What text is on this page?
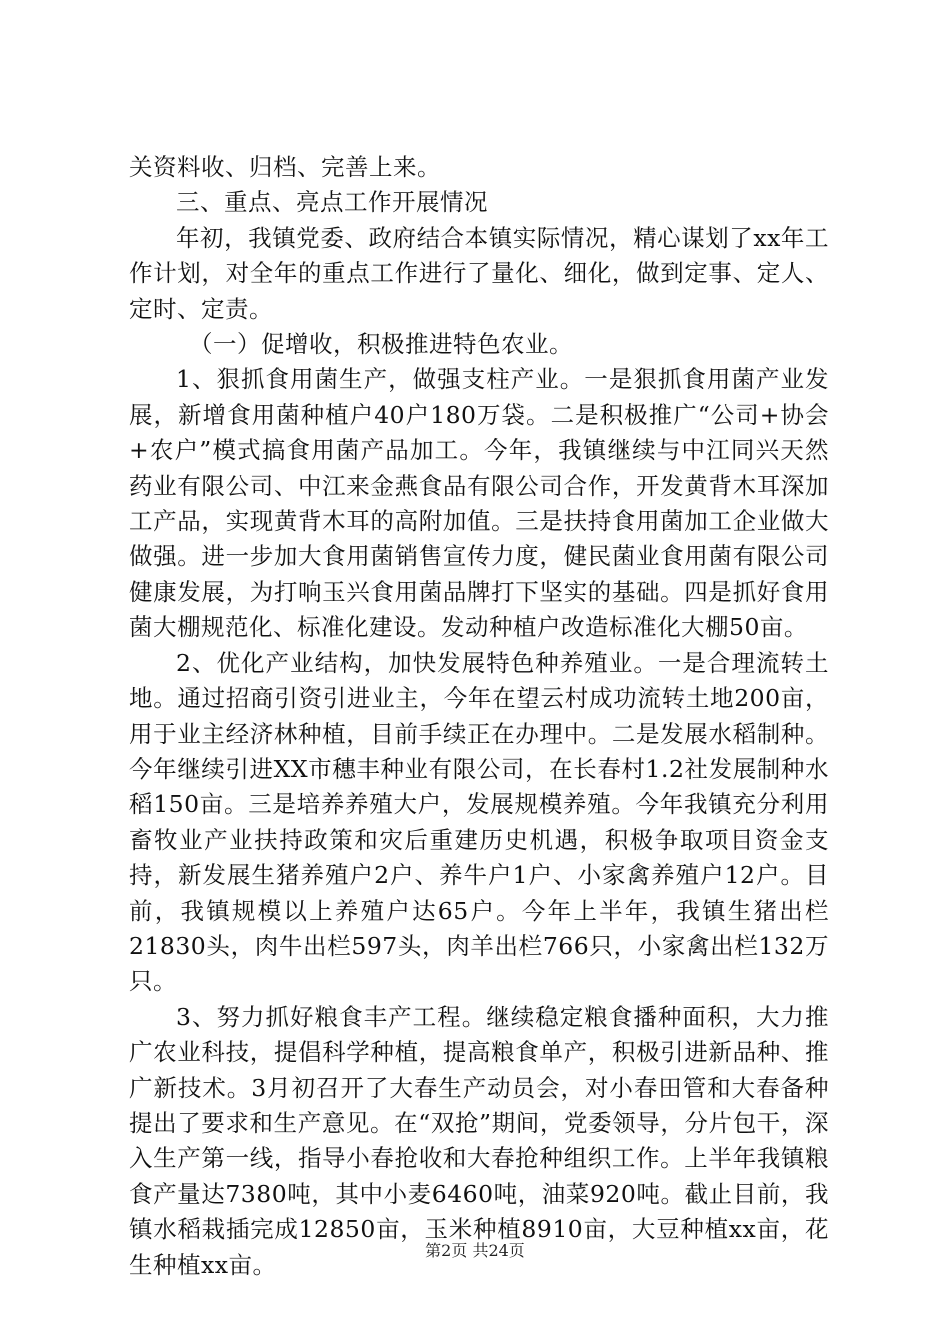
关资料收、归档、完善上来。

三、重点、亮点工作开展情况

年初，我镇党委、政府结合本镇实际情况，精心谋划了xx年工作计划，对全年的重点工作进行了量化、细化，做到定事、定人、定时、定责。

（一）促增收，积极推进特色农业。

1、狠抓食用菌生产，做强支柱产业。一是狠抓食用菌产业发展，新增食用菌种植户40户180万袋。二是积极推广“公司+协会+农户”模式搞食用菌产品加工。今年，我镇继续与中江同兴天然药业有限公司、中江来金燕食品有限公司合作，开发黄背木耳深加工产品，实现黄背木耳的高附加值。三是扶持食用菌加工企业做大做强。进一步加大食用菌销售宣传力度，健民菌业食用菌有限公司健康发展，为打响玉兴食用菌品牌打下坚实的基础。四是抓好食用菌大棚规范化、标准化建设。发动种植户改造标准化大棚50亩。

2、优化产业结构，加快发展特色种养殖业。一是合理流转土地。通过招商引资引进业主，今年在望云村成功流转土地200亩，用于业主经济林种植，目前手续正在办理中。二是发展水稻制种。今年继续引进XX市穗丰种业有限公司，在长春村1.2社发展制种水稻150亩。三是培养养殖大户，发展规模养殖。今年我镇充分利用畜牧业产业扶持政策和灾后重建历史机遇，积极争取项目资金支持，新发展生猪养殖户2户、养牛户1户、小家禽养殖户12户。目前，我镇规模以上养殖户达65户。今年上半年，我镇生猪出栏21830头，肉牛出栏597头，肉羊出栏766只，小家禽出栏132万只。

3、努力抓好粮食丰产工程。继续稳定粮食播种面积，大力推广农业科技，提倡科学种植，提高粮食单产，积极引进新品种、推广新技术。3月初召开了大春生产动员会，对小春田管和大春备种提出了要求和生产意见。在“双抢”期间，党委领导，分片包干，深入生产第一线，指导小春抢收和大春抢种组织工作。上半年我镇粮食产量达7380吨，其中小麦6460吨，油菜920吨。截止目前，我镇水稻栽插完成12850亩，玉米种植8910亩，大豆种植xx亩，花生种植xx亩。

第2页 共24页
